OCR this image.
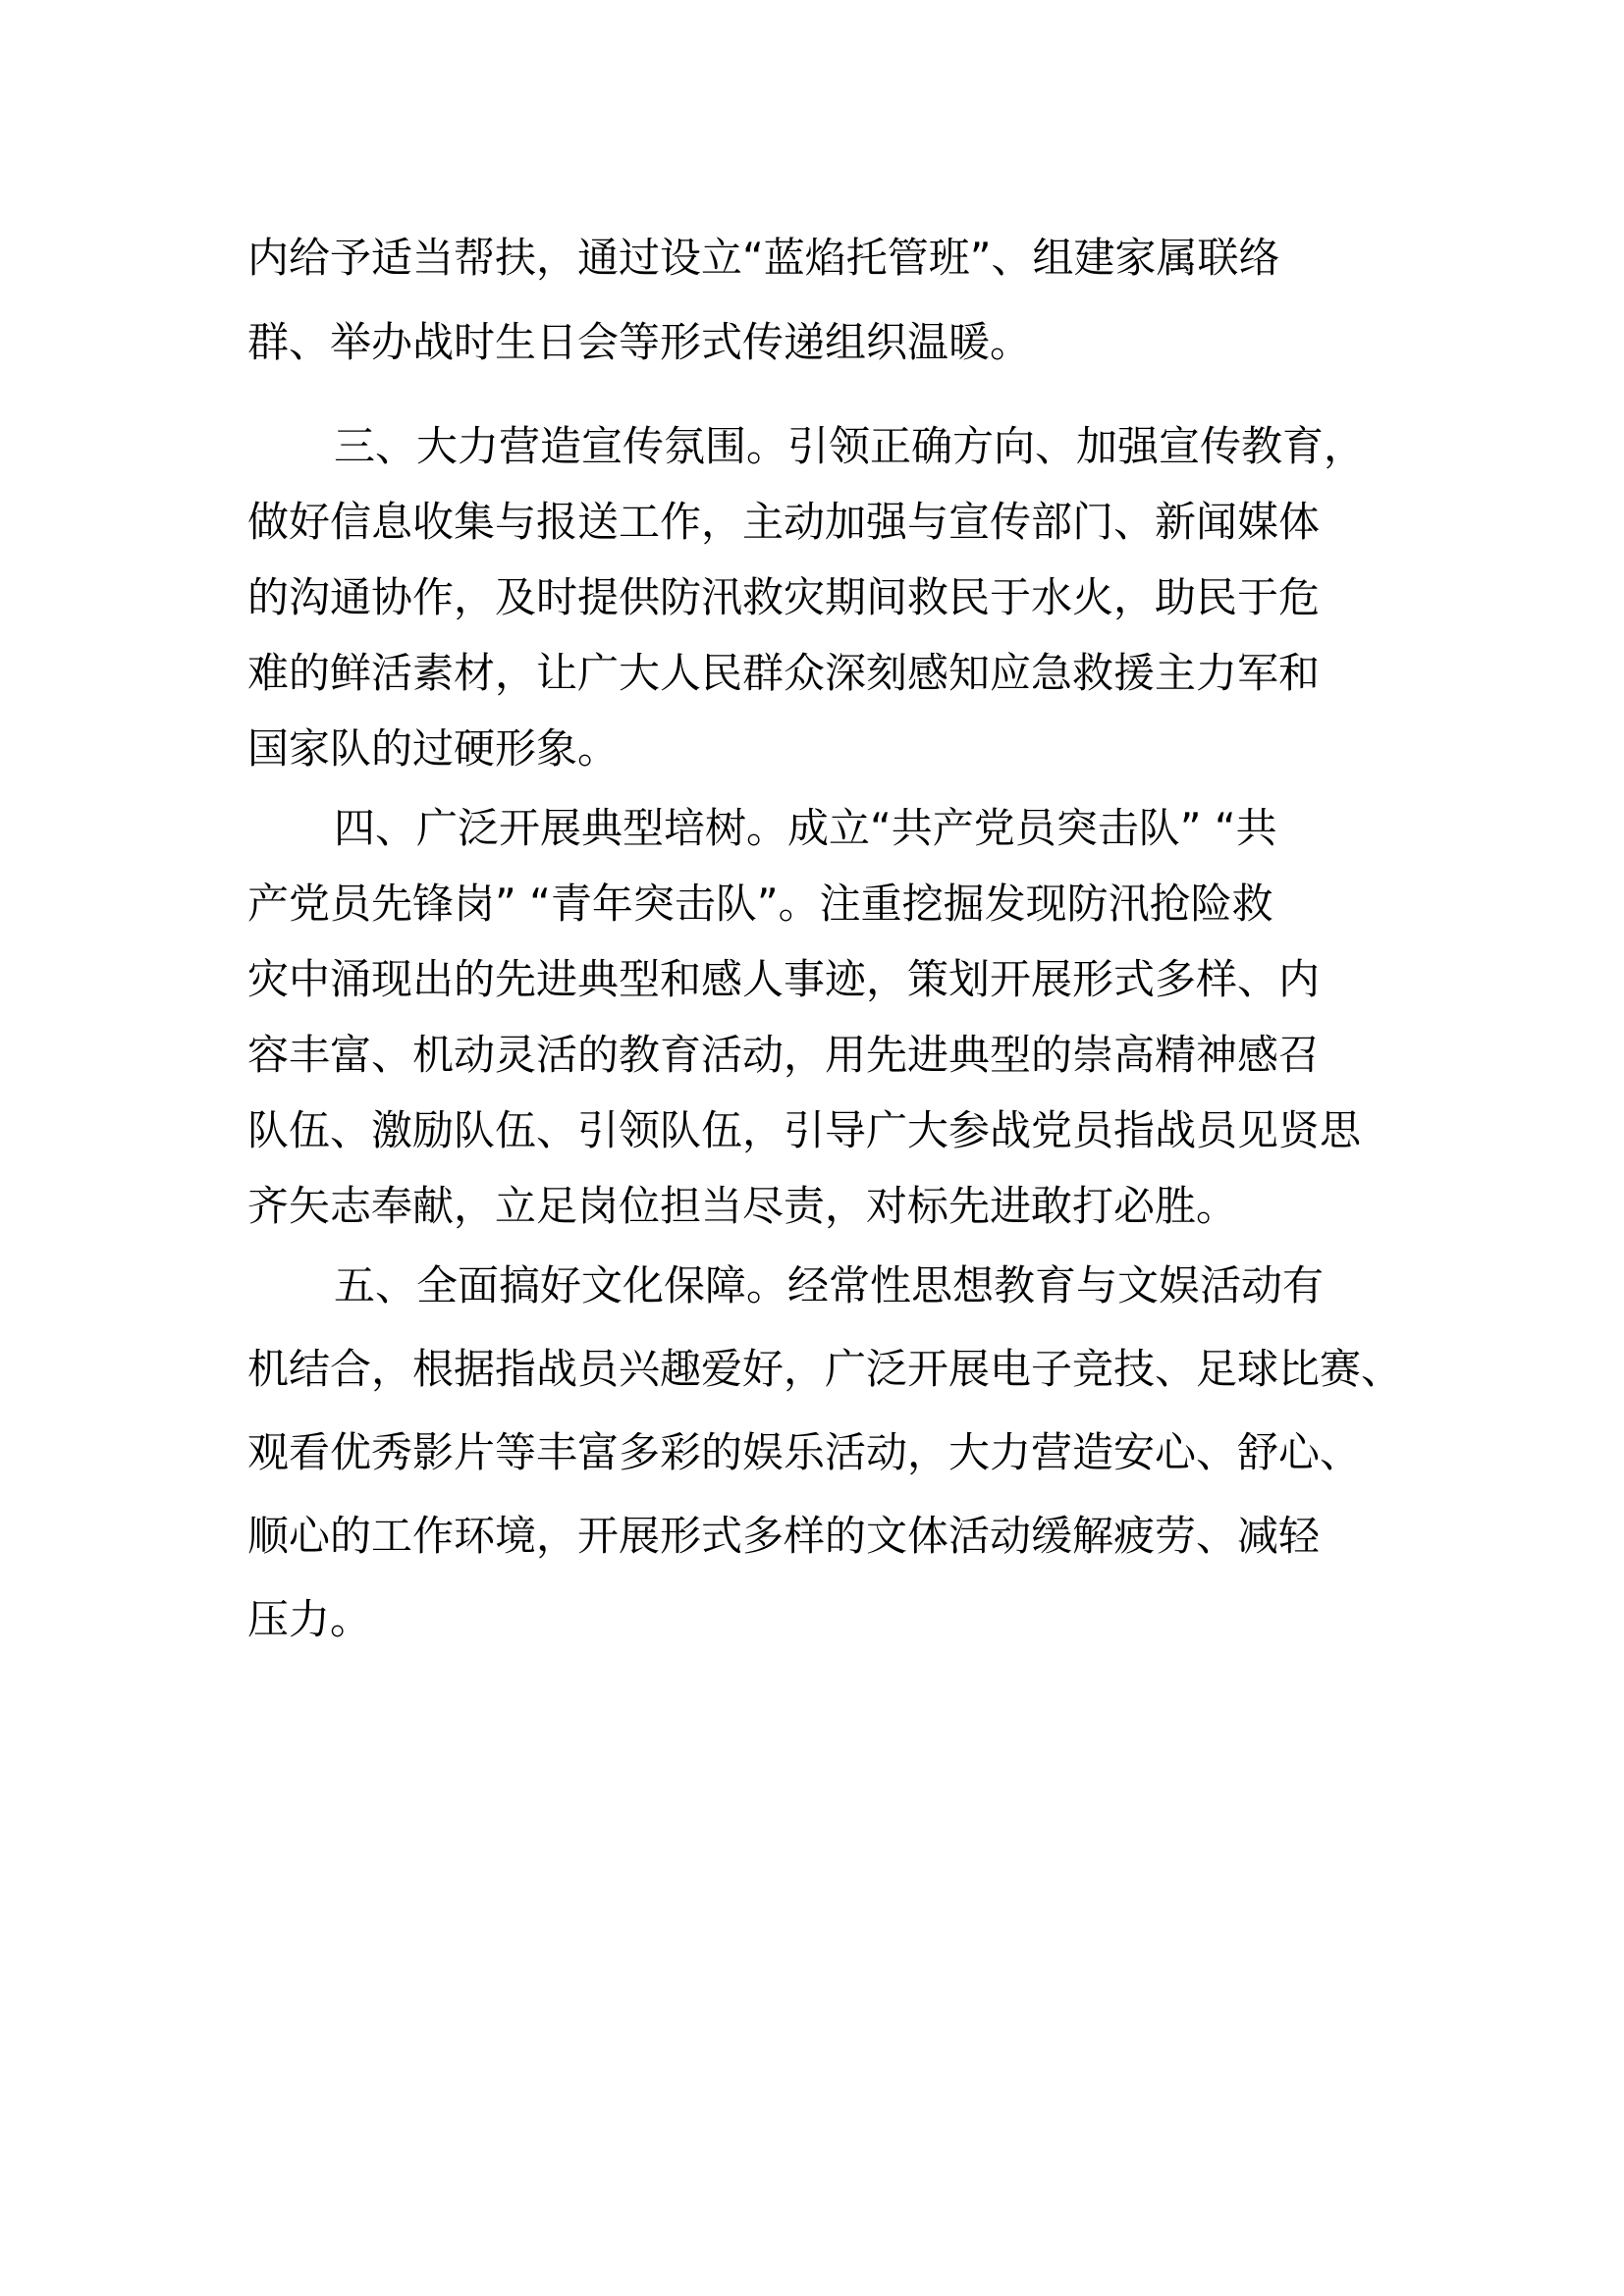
内给予适当帮扶，通过设立“蓝焰托管班”、组建家属联络
群、举办战时生日会等形式传递组织温暖。
三、大力营造宣传氛围。引领正确方向、加强宣传教育，
做好信息收集与报送工作，主动加强与宣传部门、新闻媒体
的沟通协作，及时提供防汛救灾期间救民于水火，助民于危
难的鲜活素材，让广大人民群众深刻感知应急救援主力军和
国家队的过硬形象。
四、广泛开展典型培树。成立“共产党员突击队” “共
产党员先锋岗” “青年突击队”。注重挖掘发现防汛抢险救
灾中涌现出的先进典型和感人事迹，策划开展形式多样、内
容丰富、机动灵活的教育活动，用先进典型的崇高精神感召
队伍、激励队伍、引领队伍，引导广大参战党员指战员见贤思
齐矢志奉献，立足岗位担当尽责，对标先进敢打必胜。
五、全面搞好文化保障。经常性思想教育与文娱活动有
机结合，根据指战员兴趣爱好，广泛开展电子竞技、足球比赛、
观看优秀影片等丰富多彩的娱乐活动，大力营造安心、舒心、
顺心的工作环境，开展形式多样的文体活动缓解疲劳、减轻
压力。
